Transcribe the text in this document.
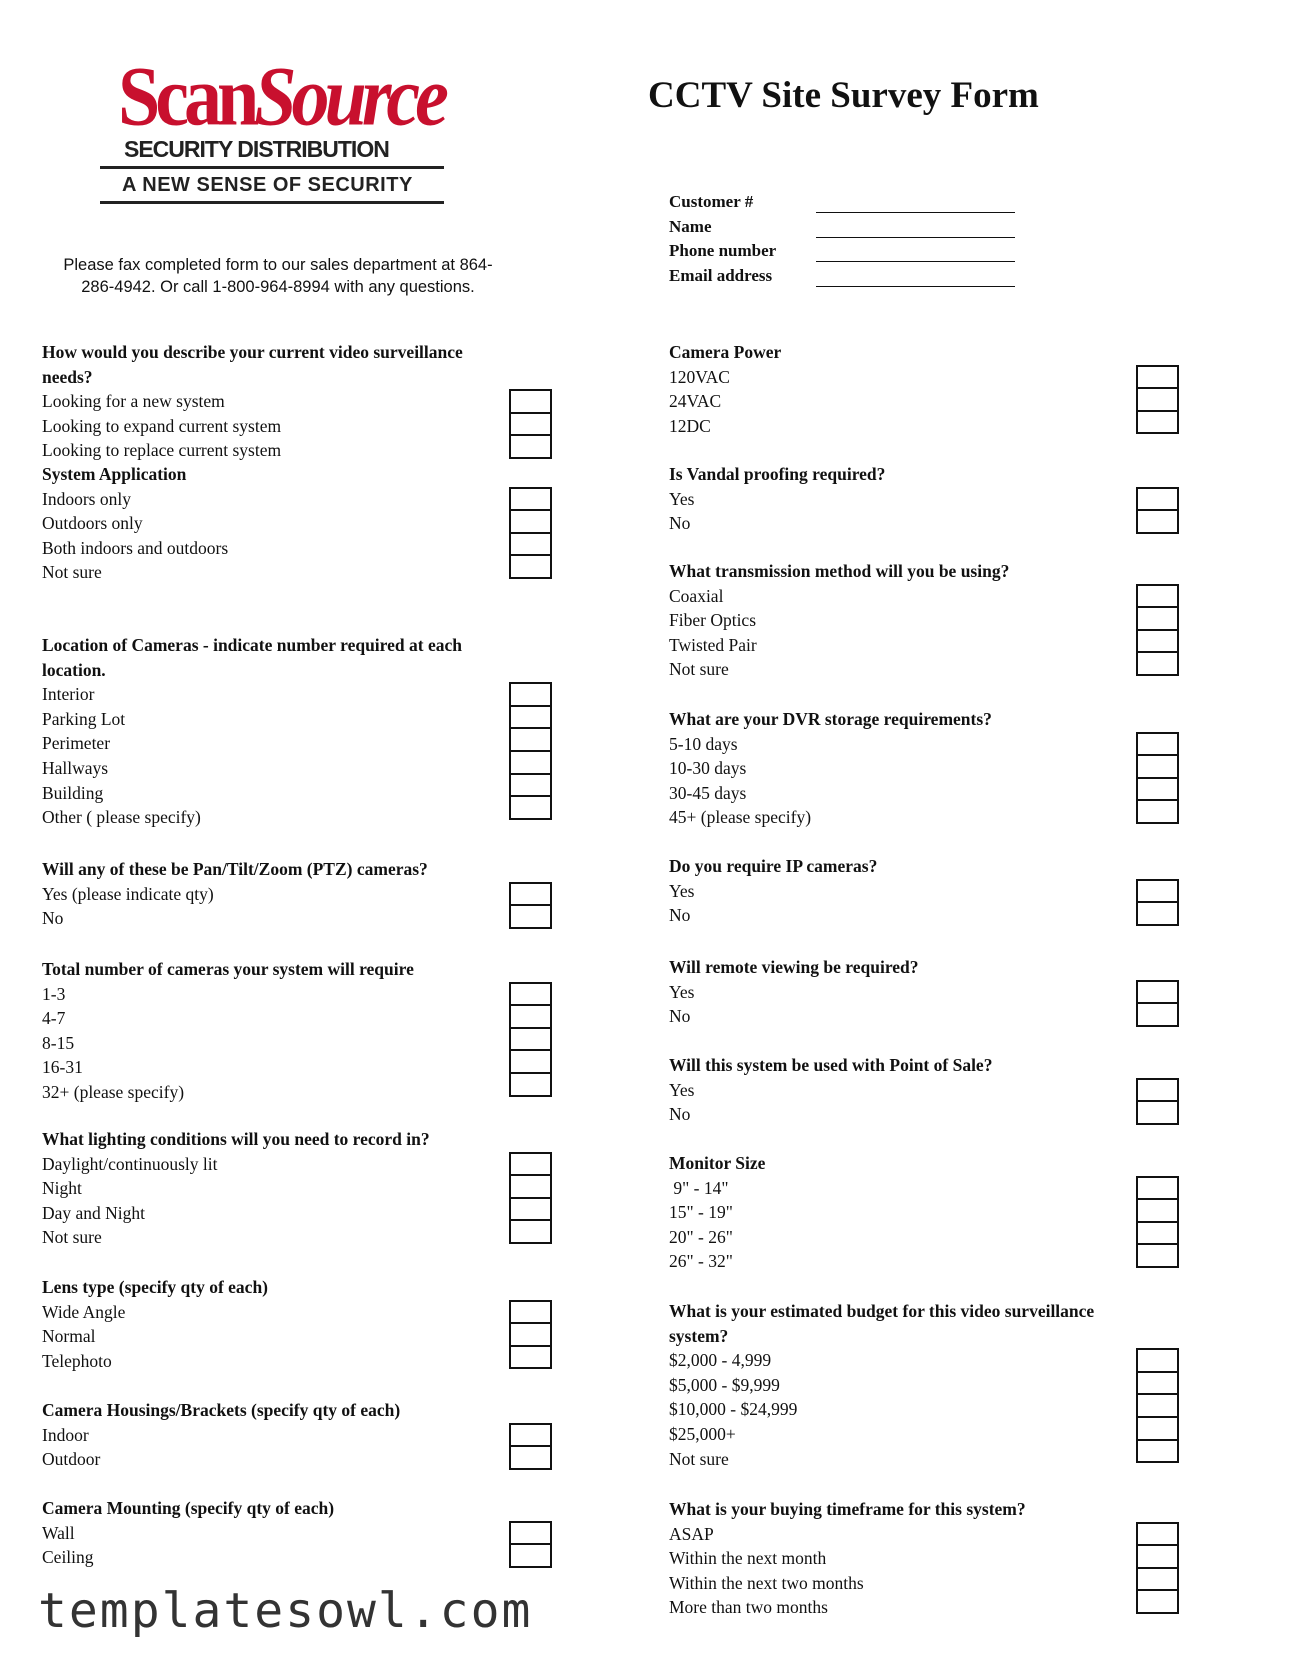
ScanSource
SECURITY DISTRIBUTION
A NEW SENSE OF SECURITY
CCTV Site Survey Form
Please fax completed form to our sales department at 864-286-4942. Or call 1-800-964-8994 with any questions.
Customer #
Name
Phone number
Email address
How would you describe your current video surveillance needs?
Looking for a new system
Looking to expand current system
Looking to replace current system
System Application
Indoors only
Outdoors only
Both indoors and outdoors
Not sure
Location of Cameras - indicate number required at each location.
Interior
Parking Lot
Perimeter
Hallways
Building
Other ( please specify)
Will any of these be Pan/Tilt/Zoom (PTZ) cameras?
Yes (please indicate qty)
No
Total number of cameras your system will require
1-3
4-7
8-15
16-31
32+ (please specify)
What lighting conditions will you need to record in?
Daylight/continuously lit
Night
Day and Night
Not sure
Lens type (specify qty of each)
Wide Angle
Normal
Telephoto
Camera Housings/Brackets (specify qty of each)
Indoor
Outdoor
Camera Mounting (specify qty of each)
Wall
Ceiling
Camera Power
120VAC
24VAC
12DC
Is Vandal proofing required?
Yes
No
What transmission method will you be using?
Coaxial
Fiber Optics
Twisted Pair
Not sure
What are your DVR storage requirements?
5-10 days
10-30 days
30-45 days
45+ (please specify)
Do you require IP cameras?
Yes
No
Will remote viewing be required?
Yes
No
Will this system be used with Point of Sale?
Yes
No
Monitor Size
9" - 14"
15" - 19"
20" - 26"
26" - 32"
What is your estimated budget for this video surveillance system?
$2,000 - 4,999
$5,000 - $9,999
$10,000 - $24,999
$25,000+
Not sure
What is your buying timeframe for this system?
ASAP
Within the next month
Within the next two months
More than two months
templatesowl.com
